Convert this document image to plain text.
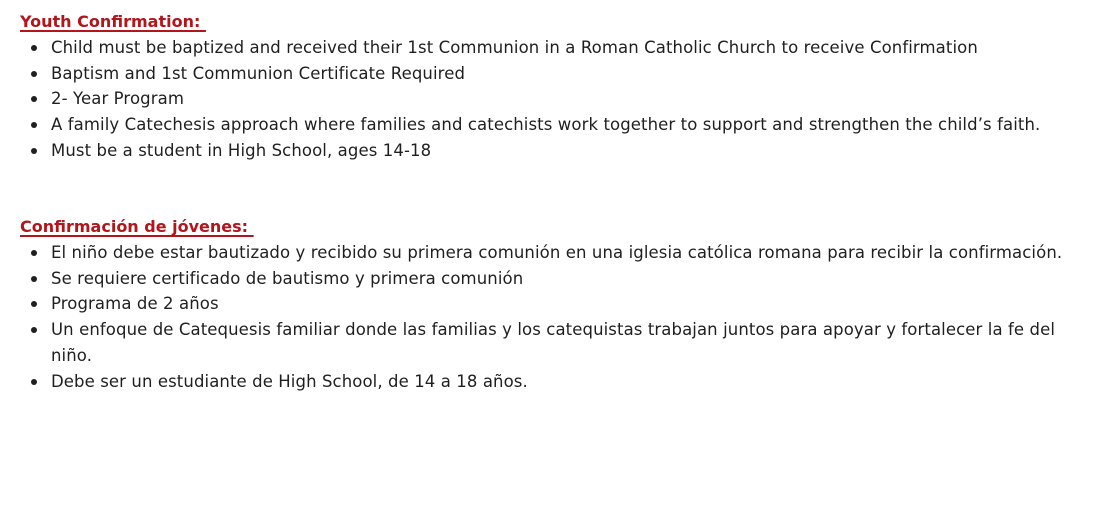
Youth Confirmation:
Child must be baptized and received their 1st Communion in a Roman Catholic Church to receive Confirmation
Baptism and 1st Communion Certificate Required
2- Year Program
A family Catechesis approach where families and catechists work together to support and strengthen the child’s faith.
Must be a student in High School, ages 14-18
Confirmación de jóvenes:
El niño debe estar bautizado y recibido su primera comunión en una iglesia católica romana para recibir la confirmación.
Se requiere certificado de bautismo y primera comunión
Programa de 2 años
Un enfoque de Catequesis familiar donde las familias y los catequistas trabajan juntos para apoyar y fortalecer la fe del niño.
Debe ser un estudiante de High School, de 14 a 18 años.
